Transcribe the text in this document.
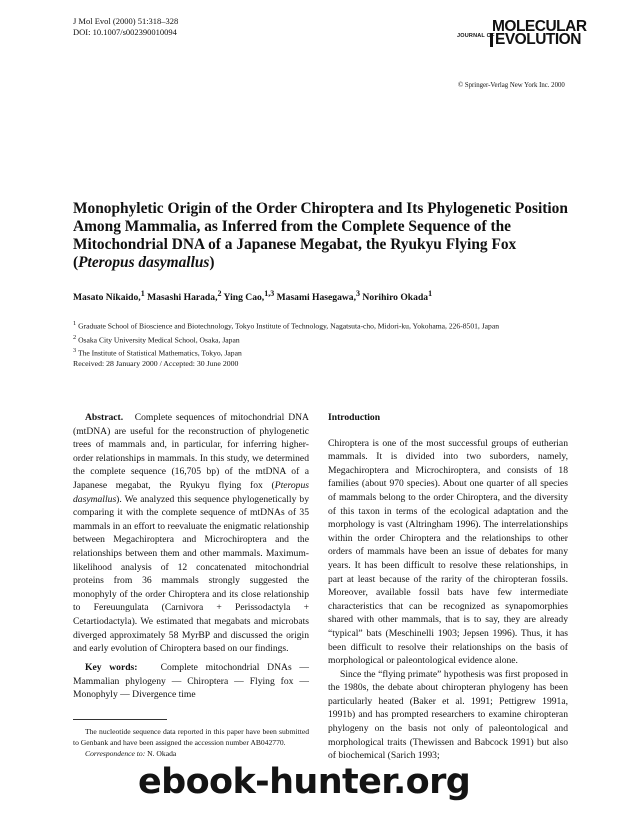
J Mol Evol (2000) 51:318–328
DOI: 10.1007/s002390010094	JOURNAL OF
MOLECULAR
EVOLUTION
© Springer-Verlag New York Inc. 2000
Monophyletic Origin of the Order Chiroptera and Its Phylogenetic Position Among Mammalia, as Inferred from the Complete Sequence of the Mitochondrial DNA of a Japanese Megabat, the Ryukyu Flying Fox (Pteropus dasymallus)
Masato Nikaido,$^1$ Masashi Harada,$^2$ Ying Cao,$^{1,3}$ Masami Hasegawa,$^3$ Norihiro Okada$^1$
$^1$ Graduate School of Bioscience and Biotechnology, Tokyo Institute of Technology, Nagatsuta-cho, Midori-ku, Yokohama, 226-8501, Japan
$^2$ Osaka City University Medical School, Osaka, Japan
$^3$ The Institute of Statistical Mathematics, Tokyo, Japan
Received: 28 January 2000 / Accepted: 30 June 2000

Abstract. Complete sequences of mitochondrial DNA (mtDNA) are useful for the reconstruction of phylogenetic trees of mammals and, in particular, for inferring higher-order relationships in mammals. In this study, we determined the complete sequence (16,705 bp) of the mtDNA of a Japanese megabat, the Ryukyu flying fox (Pteropus dasymallus). We analyzed this sequence phylogenetically by comparing it with the complete sequence of mtDNAs of 35 mammals in an effort to reevaluate the enigmatic relationship between Megachiroptera and Microchiroptera and the relationships between them and other mammals. Maximum-likelihood analysis of 12 concatenated mitochondrial proteins from 36 mammals strongly suggested the monophyly of the order Chiroptera and its close relationship to Fereuungulata (Carnivora + Perissodactyla + Cetartiodactyla). We estimated that megabats and microbats diverged approximately 58 MyrBP and discussed the origin and early evolution of Chiroptera based on our findings.

Key words: Complete mitochondrial DNAs — Mammalian phylogeny — Chiroptera — Flying fox — Monophyly — Divergence time

The nucleotide sequence data reported in this paper have been submitted to Genbank and have been assigned the accession number AB042770.

Correspondence to: N. Okada

Introduction

Chiroptera is one of the most successful groups of eutherian mammals. It is divided into two suborders, namely, Megachiroptera and Microchiroptera, and consists of 18 families (about 970 species). About one quarter of all species of mammals belong to the order Chiroptera, and the diversity of this taxon in terms of the ecological adaptation and the morphology is vast (Altringham 1996). The interrelationships within the order Chiroptera and the relationships to other orders of mammals have been an issue of debates for many years. It has been difficult to resolve these relationships, in part at least because of the rarity of the chiropteran fossils. Moreover, available fossil bats have few intermediate characteristics that can be recognized as synapomorphies shared with other mammals, that is to say, they are already “typical” bats (Meschinelli 1903; Jepsen 1996). Thus, it has been difficult to resolve their relationships on the basis of morphological or paleontological evidence alone.

Since the “flying primate” hypothesis was first proposed in the 1980s, the debate about chiropteran phylogeny has been particularly heated (Baker et al. 1991; Pettigrew 1991a, 1991b) and has prompted researchers to examine chiropteran phylogeny on the basis not only of paleontological and morphological traits (Thewissen and Babcock 1991) but also of biochemical (Sarich 1993;

ebook-hunter.org
